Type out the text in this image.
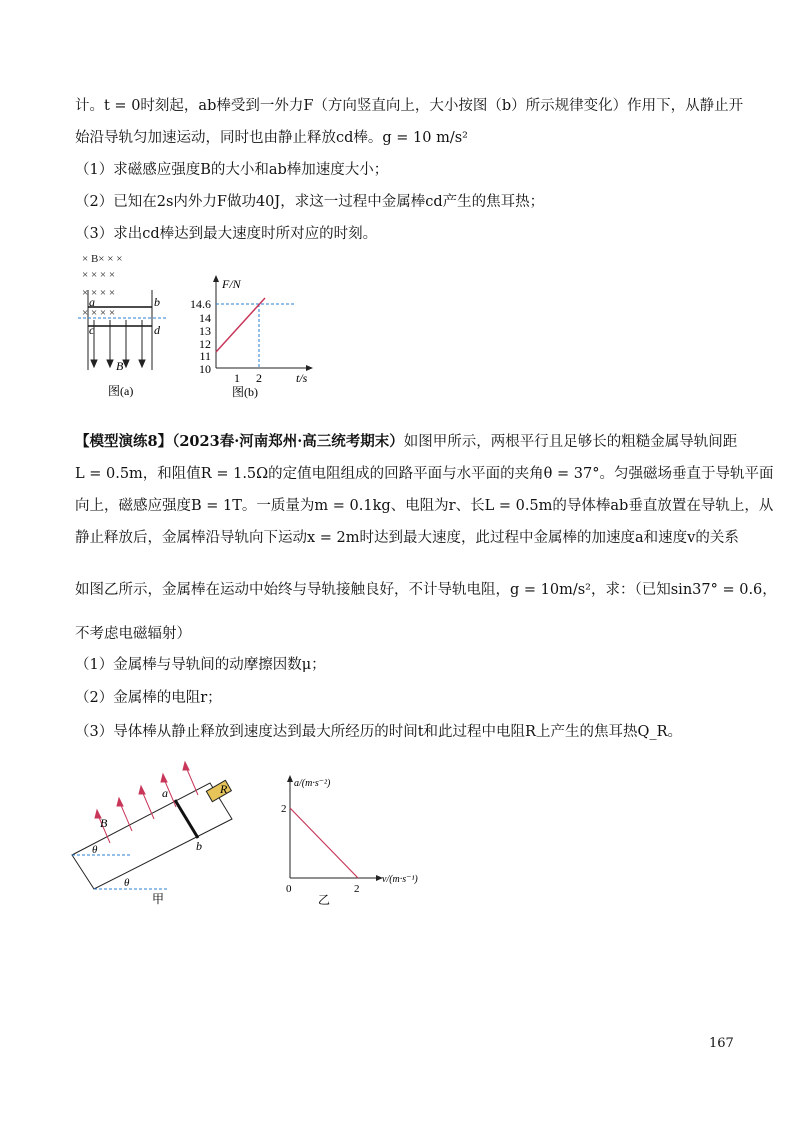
计。t = 0时刻起，ab棒受到一外力F（方向竖直向上，大小按图（b）所示规律变化）作用下，从静止开
始沿导轨匀加速运动，同时也由静止释放cd棒。g = 10 m/s²
（1）求磁感应强度B的大小和ab棒加速度大小；
（2）已知在2s内外力F做功40J，求这一过程中金属棒cd产生的焦耳热；
（3）求出cd棒达到最大速度时所对应的时刻。
× B× × ×
× × × ×
× × × ×
× × × ×
a	b
c	d
B
图(a)
F/N
t/s
14.6
14
13
12
11
10
1 2
图(b)
【模型演练8】（2023春·河南郑州·高三统考期末）如图甲所示，两根平行且足够长的粗糙金属导轨间距
L = 0.5m，和阻值R = 1.5Ω的定值电阻组成的回路平面与水平面的夹角θ = 37°。匀强磁场垂直于导轨平面
向上，磁感应强度B = 1T。一质量为m = 0.1kg、电阻为r、长L = 0.5m的导体棒ab垂直放置在导轨上，从
静止释放后，金属棒沿导轨向下运动x = 2m时达到最大速度，此过程中金属棒的加速度a和速度v的关系
如图乙所示，金属棒在运动中始终与导轨接触良好，不计导轨电阻，g = 10m/s²，求：（已知sin37° = 0.6，
不考虑电磁辐射）
（1）金属棒与导轨间的动摩擦因数μ；
（2）金属棒的电阻r；
（3）导体棒从静止释放到速度达到最大所经历的时间t和此过程中电阻R上产生的焦耳热Q_R。
R
B
a
b
θ
θ
甲
a/(m·s⁻²)
v/(m·s⁻¹)
2
2
0
乙
167
